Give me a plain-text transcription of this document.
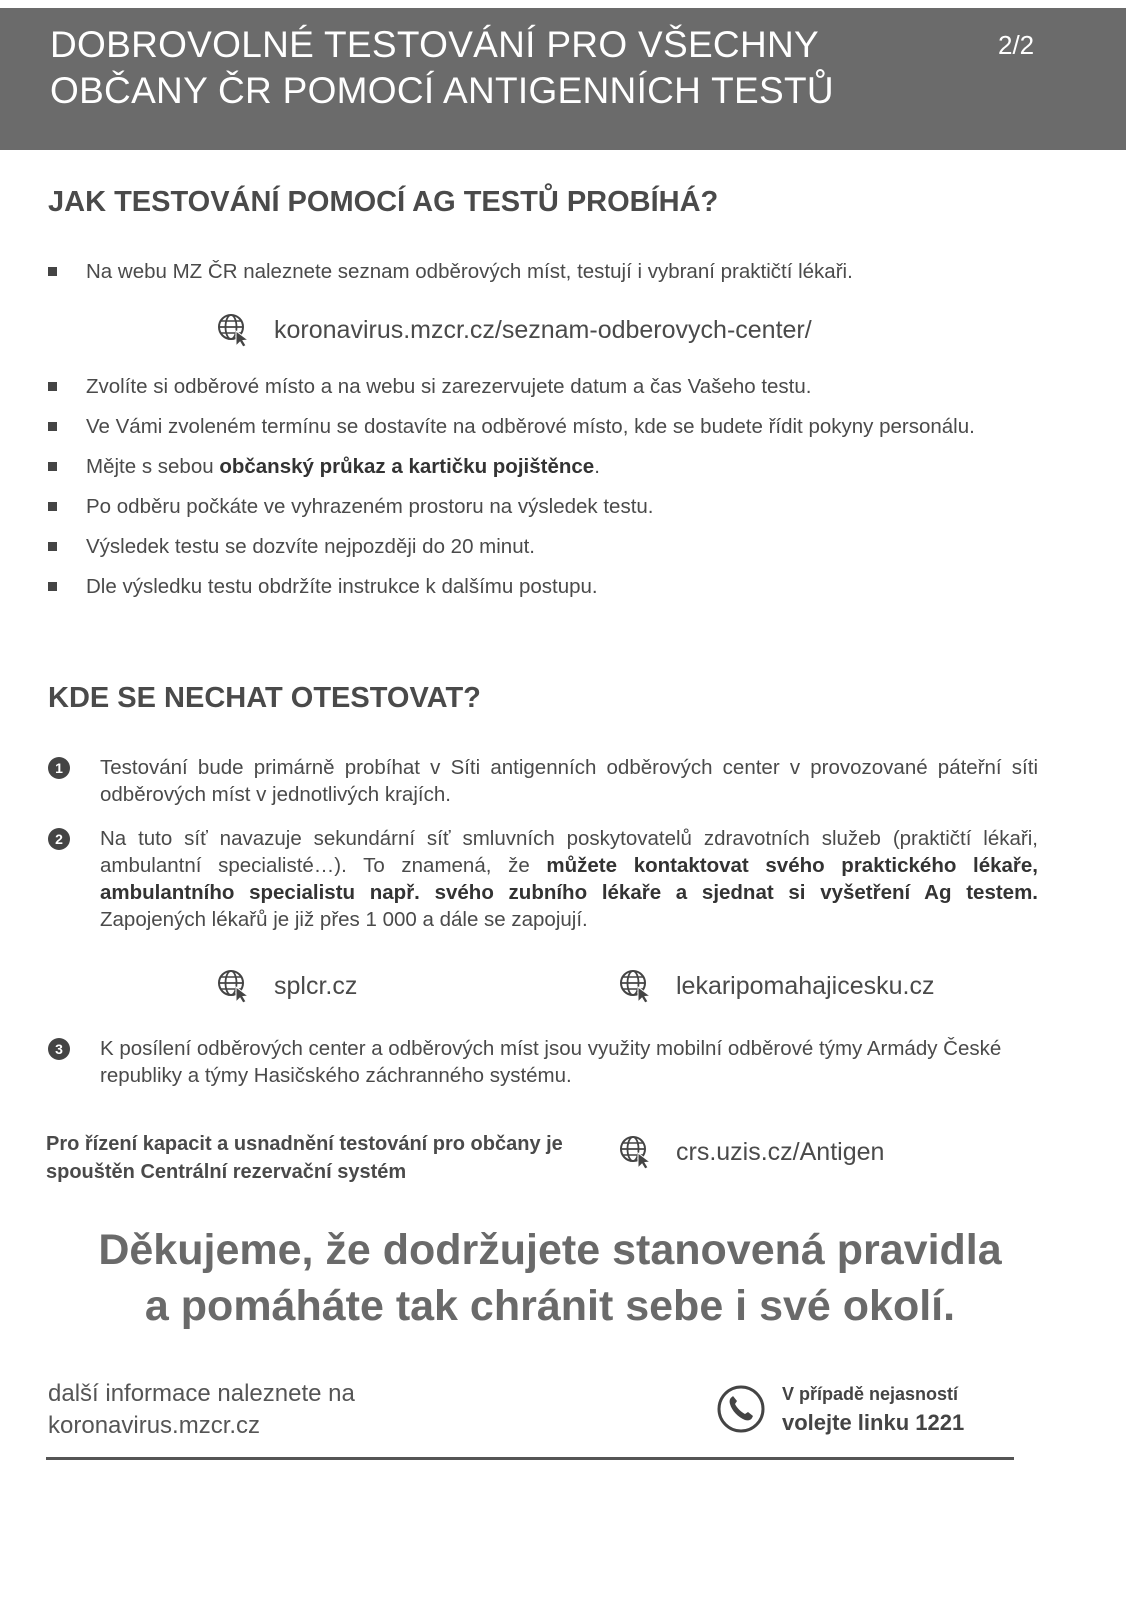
DOBROVOLNÉ TESTOVÁNÍ PRO VŠECHNY
OBČANY ČR POMOCÍ ANTIGENNÍCH TESTŮ
2/2
JAK TESTOVÁNÍ POMOCÍ AG TESTŮ PROBÍHÁ?
Na webu MZ ČR naleznete seznam odběrových míst, testují i vybraní praktičtí lékaři.
koronavirus.mzcr.cz/seznam-odberovych-center/
Zvolíte si odběrové místo a na webu si zarezervujete datum a čas Vašeho testu.
Ve Vámi zvoleném termínu se dostavíte na odběrové místo, kde se budete řídit pokyny personálu.
Mějte s sebou občanský průkaz a kartičku pojištěnce.
Po odběru počkáte ve vyhrazeném prostoru na výsledek testu.
Výsledek testu se dozvíte nejpozději do 20 minut.
Dle výsledku testu obdržíte instrukce k dalšímu postupu.
KDE SE NECHAT OTESTOVAT?
1	Testování bude primárně probíhat v Síti antigenních odběrových center v provozované páteřní síti odběrových míst v jednotlivých krajích.
2	Na tuto síť navazuje sekundární síť smluvních poskytovatelů zdravotních služeb (praktičtí lékaři, ambulantní specialisté…). To znamená, že můžete kontaktovat svého praktického lékaře, ambulantního specialistu např. svého zubního lékaře a sjednat si vyšetření Ag testem. Zapojených lékařů je již přes 1 000 a dále se zapojují.
splcr.cz	lekaripomahajicesku.cz
3	K posílení odběrových center a odběrových míst jsou využity mobilní odběrové týmy Armády České republiky a týmy Hasičského záchranného systému.
Pro řízení kapacit a usnadnění testování pro občany je spouštěn Centrální rezervační systém
crs.uzis.cz/Antigen
Děkujeme, že dodržujete stanovená pravidla
a pomáháte tak chránit sebe i své okolí.
další informace naleznete na
koronavirus.mzcr.cz
V případě nejasností
volejte linku 1221
